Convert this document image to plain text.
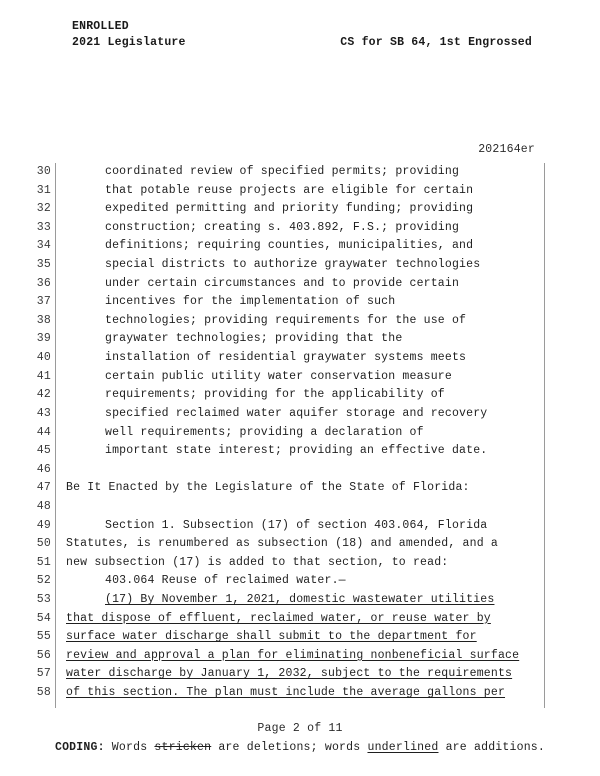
ENROLLED
2021 Legislature	CS for SB 64, 1st Engrossed
202164er
30	coordinated review of specified permits; providing
31	that potable reuse projects are eligible for certain
32	expedited permitting and priority funding; providing
33	construction; creating s. 403.892, F.S.; providing
34	definitions; requiring counties, municipalities, and
35	special districts to authorize graywater technologies
36	under certain circumstances and to provide certain
37	incentives for the implementation of such
38	technologies; providing requirements for the use of
39	graywater technologies; providing that the
40	installation of residential graywater systems meets
41	certain public utility water conservation measure
42	requirements; providing for the applicability of
43	specified reclaimed water aquifer storage and recovery
44	well requirements; providing a declaration of
45	important state interest; providing an effective date.
46
47 Be It Enacted by the Legislature of the State of Florida:
48
49	Section 1. Subsection (17) of section 403.064, Florida
50 Statutes, is renumbered as subsection (18) and amended, and a
51 new subsection (17) is added to that section, to read:
52	403.064 Reuse of reclaimed water.—
53	(17) By November 1, 2021, domestic wastewater utilities
54 that dispose of effluent, reclaimed water, or reuse water by
55 surface water discharge shall submit to the department for
56 review and approval a plan for eliminating nonbeneficial surface
57 water discharge by January 1, 2032, subject to the requirements
58 of this section. The plan must include the average gallons per
Page 2 of 11
CODING: Words stricken are deletions; words underlined are additions.
